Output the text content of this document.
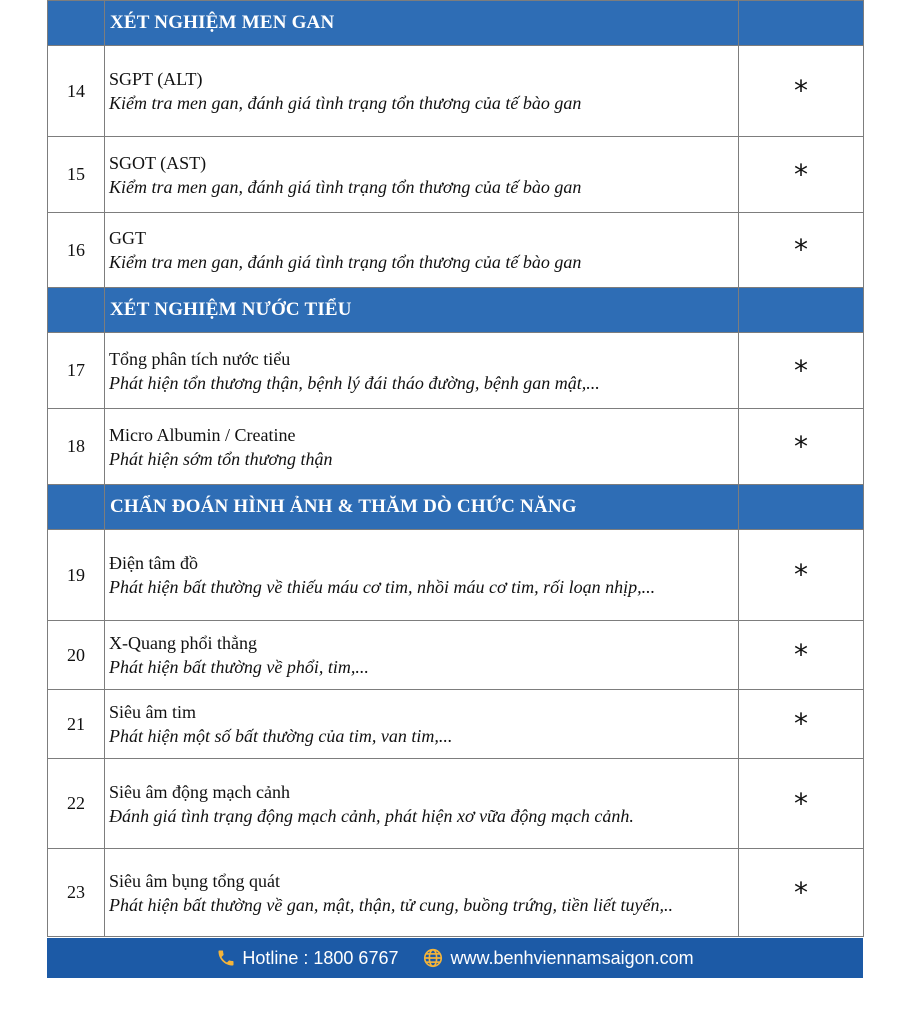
	XÉT NGHIỆM MEN GAN	
14	SGPT (ALT)
Kiểm tra men gan, đánh giá tình trạng tổn thương của tế bào gan	*
15	SGOT (AST)
Kiểm tra men gan, đánh giá tình trạng tổn thương của tế bào gan	*
16	GGT
Kiểm tra men gan, đánh giá tình trạng tổn thương của tế bào gan	*
	XÉT NGHIỆM NƯỚC TIỂU	
17	Tổng phân tích nước tiểu
Phát hiện tổn thương thận, bệnh lý đái tháo đường, bệnh gan mật,...	*
18	Micro Albumin / Creatine
Phát hiện sớm tổn thương thận	*
	CHẨN ĐOÁN HÌNH ẢNH & THĂM DÒ CHỨC NĂNG	
19	Điện tâm đồ
Phát hiện bất thường về thiếu máu cơ tim, nhồi máu cơ tim, rối loạn nhịp,...	*
20	X-Quang phổi thẳng
Phát hiện bất thường về phổi, tim,...	*
21	Siêu âm tim
Phát hiện một số bất thường của tim, van tim,...	*
22	Siêu âm động mạch cảnh
Đánh giá tình trạng động mạch cảnh, phát hiện xơ vữa động mạch cảnh.	*
23	Siêu âm bụng tổng quát
Phát hiện bất thường về gan, mật, thận, tử cung, buồng trứng, tiền liết tuyến,..	*
Hotline : 1800 6767	www.benhviennamsaigon.com
